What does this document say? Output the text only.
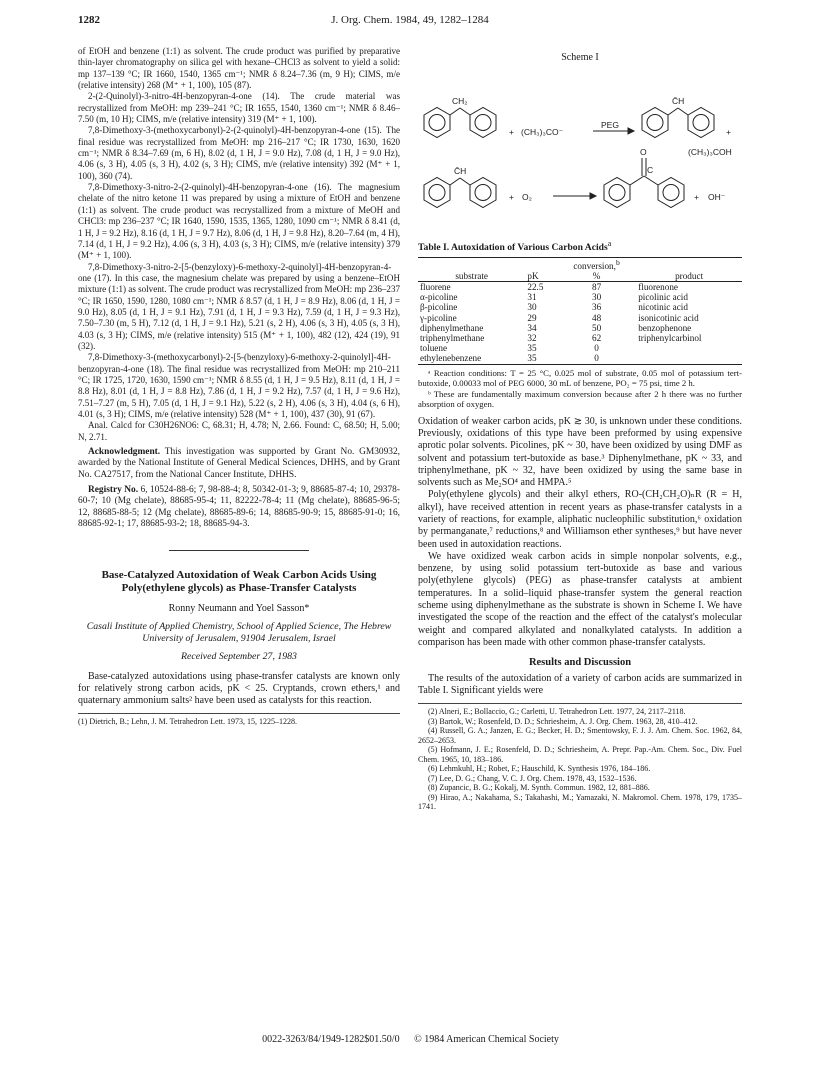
1282	J. Org. Chem. 1984, 49, 1282–1284

of EtOH and benzene (1:1) as solvent. The crude product was purified by preparative thin-layer chromatography on silica gel with hexane–CHCl3 as solvent to yield a solid: mp 137–139 °C; IR 1660, 1540, 1365 cm⁻¹; NMR δ 8.24–7.36 (m, 9 H); CIMS, m/e (relative intensity) 268 (M⁺ + 1, 100), 105 (87).

2-(2-Quinolyl)-3-nitro-4H-benzopyran-4-one (14). The crude material was recrystallized from MeOH: mp 239–241 °C; IR 1655, 1540, 1360 cm⁻¹; NMR δ 8.46–7.50 (m, 10 H); CIMS, m/e (relative intensity) 319 (M⁺ + 1, 100).

7,8-Dimethoxy-3-(methoxycarbonyl)-2-(2-quinolyl)-4H-benzopyran-4-one (15). The final residue was recrystallized from MeOH: mp 216–217 °C; IR 1730, 1630, 1620 cm⁻¹; NMR δ 8.34–7.69 (m, 6 H), 8.02 (d, 1 H, J = 9.0 Hz), 7.08 (d, 1 H, J = 9.0 Hz), 4.06 (s, 3 H), 4.05 (s, 3 H), 4.02 (s, 3 H); CIMS, m/e (relative intensity) 392 (M⁺ + 1, 100), 360 (74).

7,8-Dimethoxy-3-nitro-2-(2-quinolyl)-4H-benzopyran-4-one (16). The magnesium chelate of the nitro ketone 11 was prepared by using a mixture of EtOH and benzene (1:1) as solvent. The crude product was recrystallized from a mixture of MeOH and CHCl3: mp 236–237 °C; IR 1640, 1590, 1535, 1365, 1280, 1090 cm⁻¹; NMR δ 8.41 (d, 1 H, J = 9.2 Hz), 8.16 (d, 1 H, J = 9.7 Hz), 8.06 (d, 1 H, J = 9.8 Hz), 8.20–7.64 (m, 4 H), 7.14 (d, 1 H, J = 9.2 Hz), 4.06 (s, 3 H), 4.03 (s, 3 H); CIMS, m/e (relative intensity) 379 (M⁺ + 1, 100).

7,8-Dimethoxy-3-nitro-2-[5-(benzyloxy)-6-methoxy-2-quinolyl]-4H-benzopyran-4-one (17). In this case, the magnesium chelate was prepared by using a benzene–EtOH mixture (1:1) as solvent. The crude product was recrystallized from MeOH: mp 236–237 °C; IR 1650, 1590, 1280, 1080 cm⁻¹; NMR δ 8.57 (d, 1 H, J = 8.9 Hz), 8.06 (d, 1 H, J = 9.0 Hz), 8.05 (d, 1 H, J = 9.1 Hz), 7.91 (d, 1 H, J = 9.3 Hz), 7.59 (d, 1 H, J = 9.3 Hz), 7.50–7.30 (m, 5 H), 7.12 (d, 1 H, J = 9.1 Hz), 5.21 (s, 2 H), 4.06 (s, 3 H), 4.05 (s, 3 H), 4.03 (s, 3 H); CIMS, m/e (relative intensity) 515 (M⁺ + 1, 100), 482 (12), 424 (19), 91 (32).

7,8-Dimethoxy-3-(methoxycarbonyl)-2-[5-(benzyloxy)-6-methoxy-2-quinolyl]-4H-benzopyran-4-one (18). The final residue was recrystallized from MeOH: mp 210–211 °C; IR 1725, 1720, 1630, 1590 cm⁻¹; NMR δ 8.55 (d, 1 H, J = 9.5 Hz), 8.11 (d, 1 H, J = 8.8 Hz), 8.01 (d, 1 H, J = 8.8 Hz), 7.86 (d, 1 H, J = 9.2 Hz), 7.57 (d, 1 H, J = 9.6 Hz), 7.51–7.27 (m, 5 H), 7.05 (d, 1 H, J = 9.1 Hz), 5.22 (s, 2 H), 4.06 (s, 3 H), 4.04 (s, 6 H), 4.01 (s, 3 H); CIMS, m/e (relative intensity) 528 (M⁺ + 1, 100), 437 (30), 91 (67).

Anal. Calcd for C30H26NO6: C, 68.31; H, 4.78; N, 2.66. Found: C, 68.50; H, 5.00; N, 2.71.

Acknowledgment. This investigation was supported by Grant No. GM30932, awarded by the National Institute of General Medical Sciences, DHHS, and by Grant No. CA27517, from the National Cancer Institute, DHHS.

Registry No. 6, 10524-88-6; 7, 98-88-4; 8, 50342-01-3; 9, 88685-87-4; 10, 29378-60-7; 10 (Mg chelate), 88685-95-4; 11, 82222-78-4; 11 (Mg chelate), 88685-96-5; 12, 88685-88-5; 12 (Mg chelate), 88685-89-6; 14, 88685-90-9; 15, 88685-91-0; 16, 88685-92-1; 17, 88685-93-2; 18, 88685-94-3.

Base-Catalyzed Autoxidation of Weak Carbon Acids Using Poly(ethylene glycols) as Phase-Transfer Catalysts
Ronny Neumann and Yoel Sasson*
Casali Institute of Applied Chemistry, School of Applied Science, The Hebrew University of Jerusalem, 91904 Jerusalem, Israel
Received September 27, 1983

Base-catalyzed autoxidations using phase-transfer catalysts are known only for relatively strong carbon acids, pK < 25. Cryptands, crown ethers,¹ and quaternary ammonium salts² have been used as catalysts for this reaction.

(1) Dietrich, B.; Lehn, J. M. Tetrahedron Lett. 1973, 15, 1225–1228.
Scheme I
CH₂
+ (CH₃)₃CO⁻
PEG
C̄H
+
(CH₃)₃COH
C̄H
+ O₂
O
C
+ OH⁻
Table I. Autoxidation of Various Carbon Acids$^a$
		conversion,$^b$	
substrate	pK	%	product
fluorene	22.5	87	fluorenone
α-picoline	31	30	picolinic acid
β-picoline	30	36	nicotinic acid
γ-picoline	29	48	isonicotinic acid
diphenylmethane	34	50	benzophenone
triphenylmethane	32	62	triphenylcarbinol
toluene	35	0	
ethylenebenzene	35	0	

ᵃ Reaction conditions: T = 25 °C, 0.025 mol of substrate, 0.05 mol of potassium tert-butoxide, 0.00033 mol of PEG 6000, 30 mL of benzene, PO₂ = 75 psi, time 2 h.

ᵇ These are fundamentally maximum conversion because after 2 h there was no further absorption of oxygen.

Oxidation of weaker carbon acids, pK ≳ 30, is unknown under these conditions. Previously, oxidations of this type have been preformed by using expensive aprotic polar solvents. Picolines, pK ~ 30, have been oxidized by using DMF as solvent and potassium tert-butoxide as base.³ Diphenylmethane, pK ~ 33, and triphenylmethane, pK ~ 32, have been oxidized by using the same base in solvents such as Me₂SO⁴ and HMPA.⁵

Poly(ethylene glycols) and their alkyl ethers, RO-(CH₂CH₂O)ₙR (R = H, alkyl), have received attention in recent years as phase-transfer catalysts in a variety of reactions, for example, aliphatic nucleophilic substitution,⁶ oxidation by permanganate,⁷ reductions,⁸ and Williamson ether syntheses,⁹ but have never been used in autoxidation reactions.

We have oxidized weak carbon acids in simple nonpolar solvents, e.g., benzene, by using solid potassium tert-butoxide as base and various poly(ethylene glycols) (PEG) as phase-transfer catalysts at ambient temperatures. In a solid–liquid phase-transfer system the general reaction scheme using diphenylmethane as the substrate is shown in Scheme I. We have investigated the scope of the reaction and the effect of the catalyst's molecular weight and compared alkylated and nonalkylated catalysts. In addition a comparison has been made with other common phase-transfer catalysts.

Results and Discussion

The results of the autoxidation of a variety of carbon acids are summarized in Table I. Significant yields were

(2) Alneri, E.; Bollaccio, G.; Carletti, U. Tetrahedron Lett. 1977, 24, 2117–2118.

(3) Bartok, W.; Rosenfeld, D. D.; Schriesheim, A. J. Org. Chem. 1963, 28, 410–412.

(4) Russell, G. A.; Janzen, E. G.; Becker, H. D.; Smentowsky, F. J. J. Am. Chem. Soc. 1962, 84, 2652–2653.

(5) Hofmann, J. E.; Rosenfeld, D. D.; Schriesheim, A. Prepr. Pap.-Am. Chem. Soc., Div. Fuel Chem. 1965, 10, 183–186.

(6) Lehmkuhl, H.; Robet, F.; Hauschild, K. Synthesis 1976, 184–186.

(7) Lee, D. G.; Chang, V. C. J. Org. Chem. 1978, 43, 1532–1536.

(8) Zupancic, B. G.; Kokalj, M. Synth. Commun. 1982, 12, 881–886.

(9) Hirao, A.; Nakahama, S.; Takahashi, M.; Yamazaki, N. Makromol. Chem. 1978, 179, 1735–1741.

0022-3263/84/1949-1282$01.50/0 © 1984 American Chemical Society
